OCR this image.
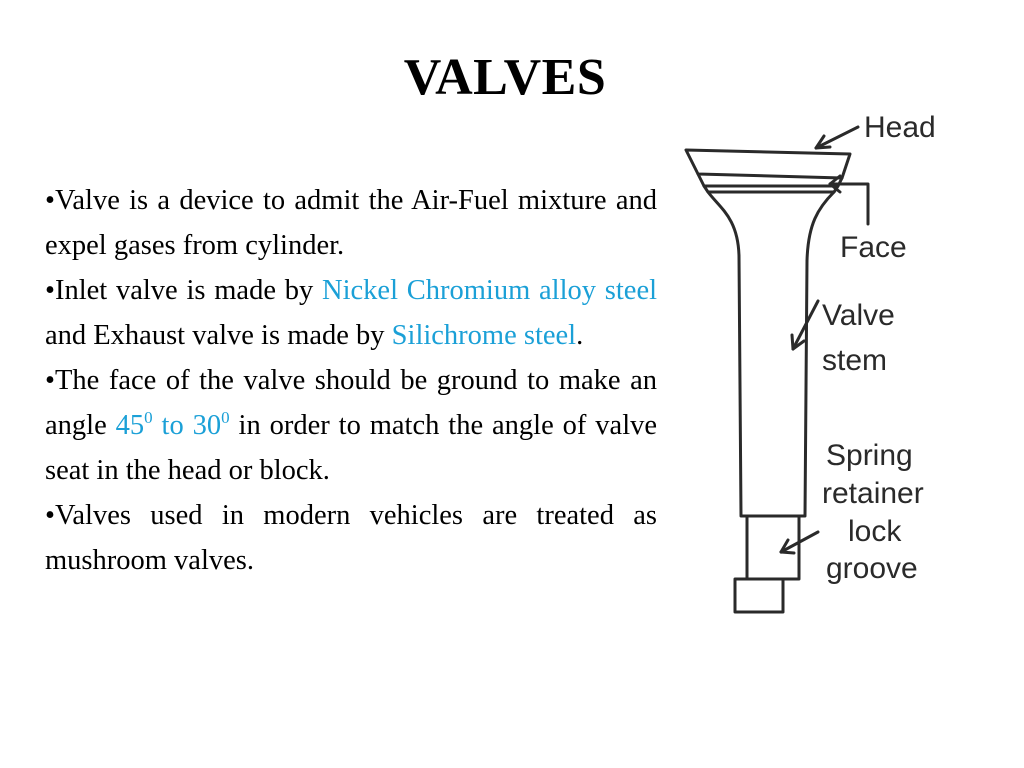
VALVES

•Valve is a device to admit the Air-Fuel mixture and expel gases from cylinder.

•Inlet valve is made by Nickel Chromium alloy steel and Exhaust valve is made by Silichrome steel.

•The face of the valve should be ground to make an angle $45^0$ to $30^0$ in order to match the angle of valve seat in the head or block.

•Valves used in modern vehicles are treated as mushroom valves.

Head
Face
Valve
stem
Spring
retainer
lock
groove
